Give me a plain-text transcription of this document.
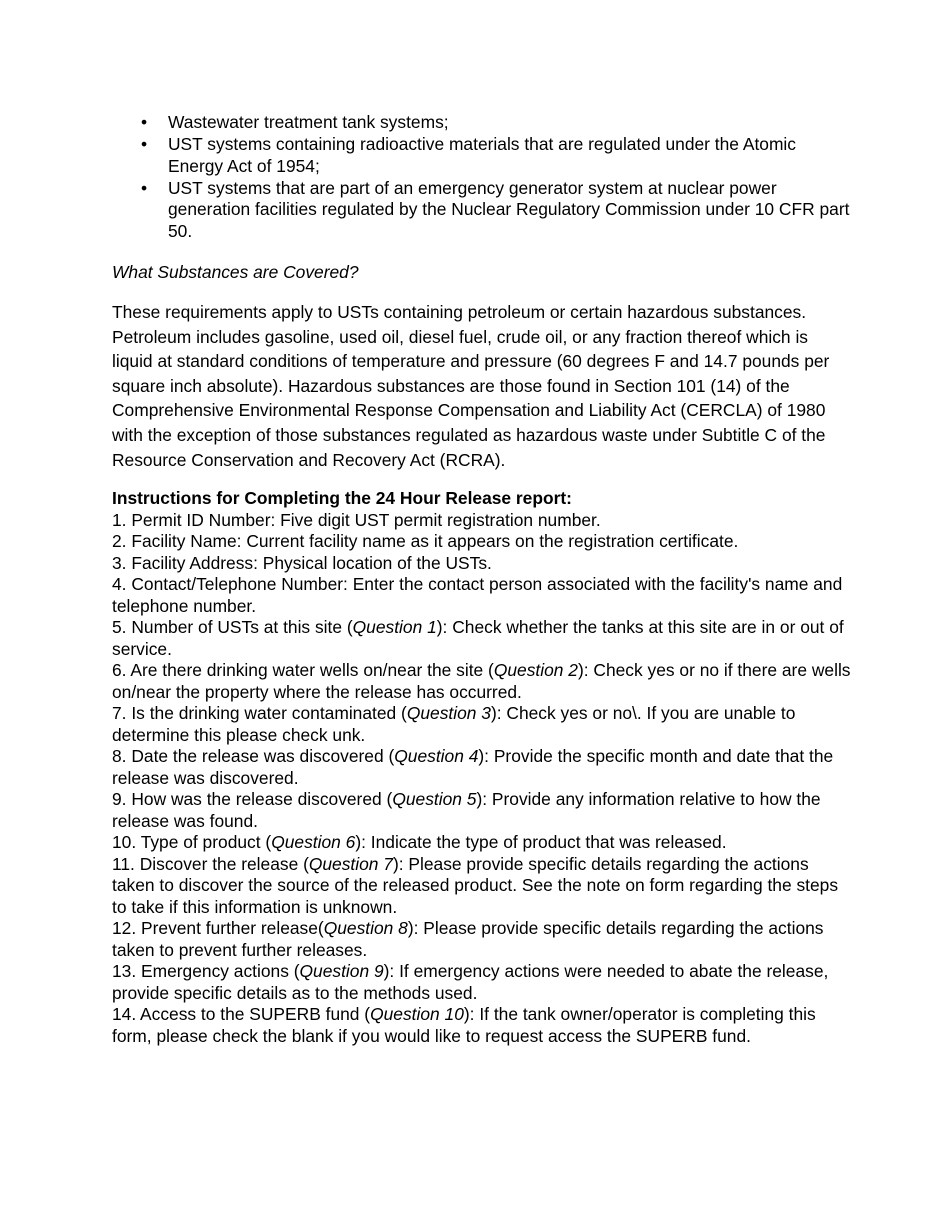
• Wastewater treatment tank systems;
• UST systems containing radioactive materials that are regulated under the Atomic Energy Act of 1954;
• UST systems that are part of an emergency generator system at nuclear power generation facilities regulated by the Nuclear Regulatory Commission under 10 CFR part 50.
What Substances are Covered?
These requirements apply to USTs containing petroleum or certain hazardous substances. Petroleum includes gasoline, used oil, diesel fuel, crude oil, or any fraction thereof which is liquid at standard conditions of temperature and pressure (60 degrees F and 14.7 pounds per square inch absolute). Hazardous substances are those found in Section 101 (14) of the Comprehensive Environmental Response Compensation and Liability Act (CERCLA) of 1980 with the exception of those substances regulated as hazardous waste under Subtitle C of the Resource Conservation and Recovery Act (RCRA).
Instructions for Completing the 24 Hour Release report:
1. Permit ID Number: Five digit UST permit registration number.
2. Facility Name: Current facility name as it appears on the registration certificate.
3. Facility Address: Physical location of the USTs.
4. Contact/Telephone Number: Enter the contact person associated with the facility's name and telephone number.
5. Number of USTs at this site (Question 1): Check whether the tanks at this site are in or out of service.
6. Are there drinking water wells on/near the site (Question 2): Check yes or no if there are wells on/near the property where the release has occurred.
7. Is the drinking water contaminated (Question 3): Check yes or no\. If you are unable to determine this please check unk.
8. Date the release was discovered (Question 4): Provide the specific month and date that the release was discovered.
9. How was the release discovered (Question 5): Provide any information relative to how the release was found.
10. Type of product (Question 6): Indicate the type of product that was released.
11. Discover the release (Question 7): Please provide specific details regarding the actions taken to discover the source of the released product. See the note on form regarding the steps to take if this information is unknown.
12. Prevent further release(Question 8): Please provide specific details regarding the actions taken to prevent further releases.
13. Emergency actions (Question 9): If emergency actions were needed to abate the release, provide specific details as to the methods used.
14. Access to the SUPERB fund (Question 10): If the tank owner/operator is completing this form, please check the blank if you would like to request access the SUPERB fund.
